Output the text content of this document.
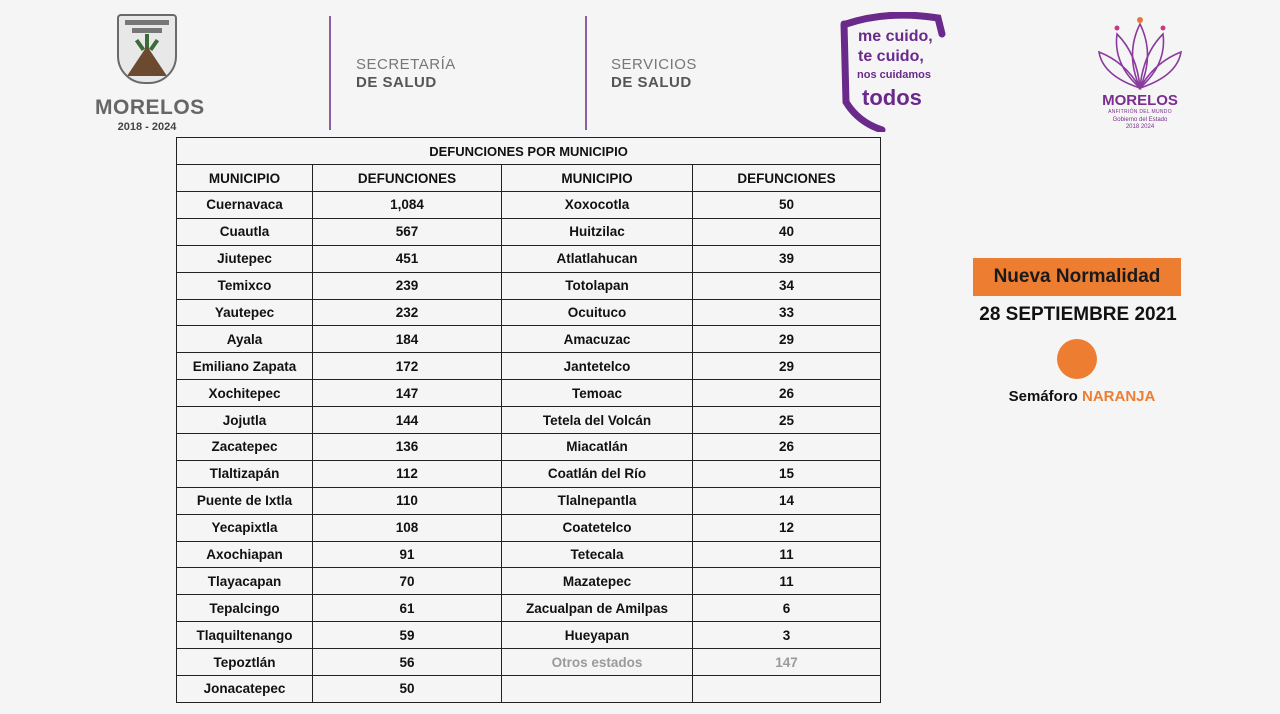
MORELOS
2018 - 2024
SECRETARÍA
DE SALUD
SERVICIOS
DE SALUD
me cuido,
te cuido,
nos cuidamos
todos	MORELOS
ANFITRIÓN DEL MUNDO
Gobierno del Estado
2018 2024
DEFUNCIONES POR MUNICIPIO			
MUNICIPIO	DEFUNCIONES	MUNICIPIO	DEFUNCIONES
Cuernavaca	1,084	Xoxocotla	50
Cuautla	567	Huitzilac	40
Jiutepec	451	Atlatlahucan	39
Temixco	239	Totolapan	34
Yautepec	232	Ocuituco	33
Ayala	184	Amacuzac	29
Emiliano Zapata	172	Jantetelco	29
Xochitepec	147	Temoac	26
Jojutla	144	Tetela del Volcán	25
Zacatepec	136	Miacatlán	26
Tlaltizapán	112	Coatlán del Río	15
Puente de Ixtla	110	Tlalnepantla	14
Yecapixtla	108	Coatetelco	12
Axochiapan	91	Tetecala	11
Tlayacapan	70	Mazatepec	11
Tepalcingo	61	Zacualpan de Amilpas	6
Tlaquiltenango	59	Hueyapan	3
Tepoztlán	56	Otros estados	147
Jonacatepec	50		
Nueva Normalidad
28 SEPTIEMBRE 2021
Semáforo NARANJA
